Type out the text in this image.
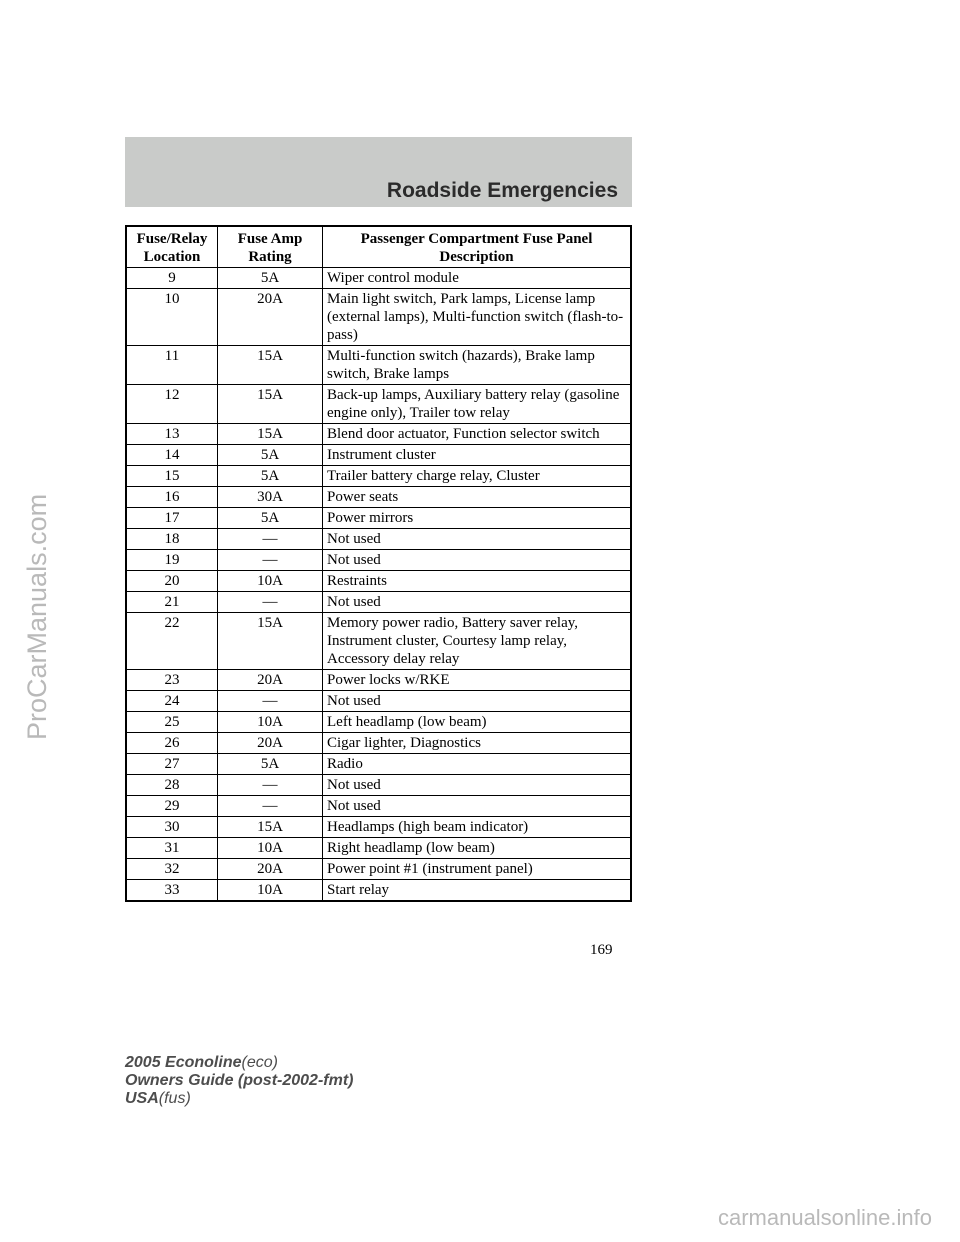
Roadside Emergencies
Fuse/Relay Location	Fuse Amp Rating	Passenger Compartment Fuse Panel Description
9	5A	Wiper control module
10	20A	Main light switch, Park lamps, License lamp (external lamps), Multi-function switch (flash-to-pass)
11	15A	Multi-function switch (hazards), Brake lamp switch, Brake lamps
12	15A	Back-up lamps, Auxiliary battery relay (gasoline engine only), Trailer tow relay
13	15A	Blend door actuator, Function selector switch
14	5A	Instrument cluster
15	5A	Trailer battery charge relay, Cluster
16	30A	Power seats
17	5A	Power mirrors
18	—	Not used
19	—	Not used
20	10A	Restraints
21	—	Not used
22	15A	Memory power radio, Battery saver relay, Instrument cluster, Courtesy lamp relay, Accessory delay relay
23	20A	Power locks w/RKE
24	—	Not used
25	10A	Left headlamp (low beam)
26	20A	Cigar lighter, Diagnostics
27	5A	Radio
28	—	Not used
29	—	Not used
30	15A	Headlamps (high beam indicator)
31	10A	Right headlamp (low beam)
32	20A	Power point #1 (instrument panel)
33	10A	Start relay
169
2005 Econoline(eco)
Owners Guide (post-2002-fmt)
USA(fus)
ProCarManuals.com
carmanualsonline.info
